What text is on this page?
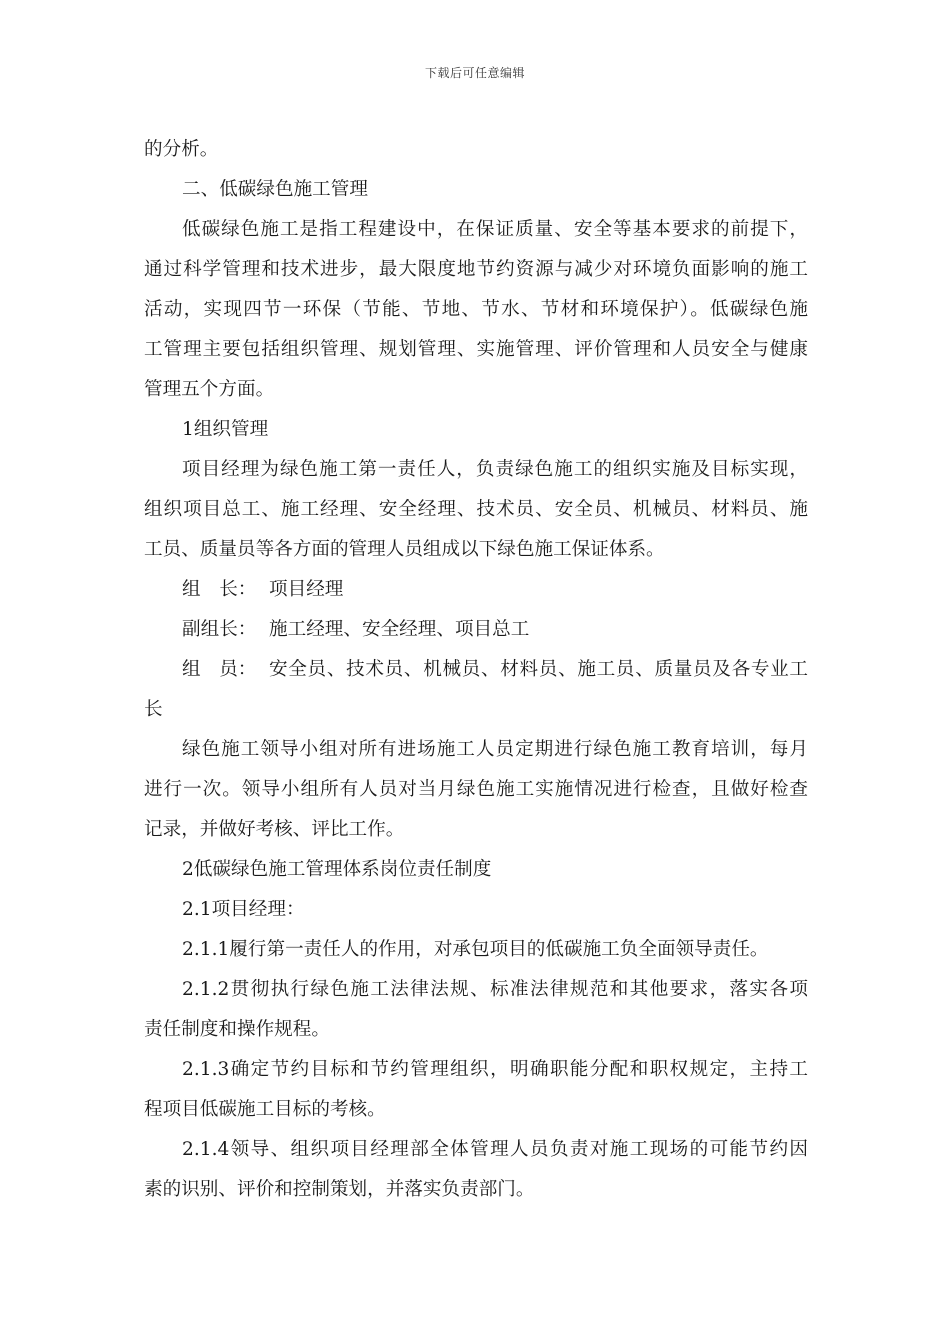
下载后可任意编辑
的分析。
二、低碳绿色施工管理
低碳绿色施工是指工程建设中，在保证质量、安全等基本要求的前提下，
通过科学管理和技术进步，最大限度地节约资源与减少对环境负面影响的施工
活动，实现四节一环保（节能、节地、节水、节材和环境保护）。低碳绿色施
工管理主要包括组织管理、规划管理、实施管理、评价管理和人员安全与健康
管理五个方面。
1组织管理
项目经理为绿色施工第一责任人，负责绿色施工的组织实施及目标实现，
组织项目总工、施工经理、安全经理、技术员、安全员、机械员、材料员、施
工员、质量员等各方面的管理人员组成以下绿色施工保证体系。
组　长： 项目经理
副组长： 施工经理、安全经理、项目总工
组　员： 安全员、技术员、机械员、材料员、施工员、质量员及各专业工
长
绿色施工领导小组对所有进场施工人员定期进行绿色施工教育培训，每月
进行一次。领导小组所有人员对当月绿色施工实施情况进行检查，且做好检查
记录，并做好考核、评比工作。
2低碳绿色施工管理体系岗位责任制度
2.1项目经理：
2.1.1履行第一责任人的作用，对承包项目的低碳施工负全面领导责任。
2.1.2贯彻执行绿色施工法律法规、标准法律规范和其他要求，落实各项
责任制度和操作规程。
2.1.3确定节约目标和节约管理组织，明确职能分配和职权规定，主持工
程项目低碳施工目标的考核。
2.1.4领导、组织项目经理部全体管理人员负责对施工现场的可能节约因
素的识别、评价和控制策划，并落实负责部门。
